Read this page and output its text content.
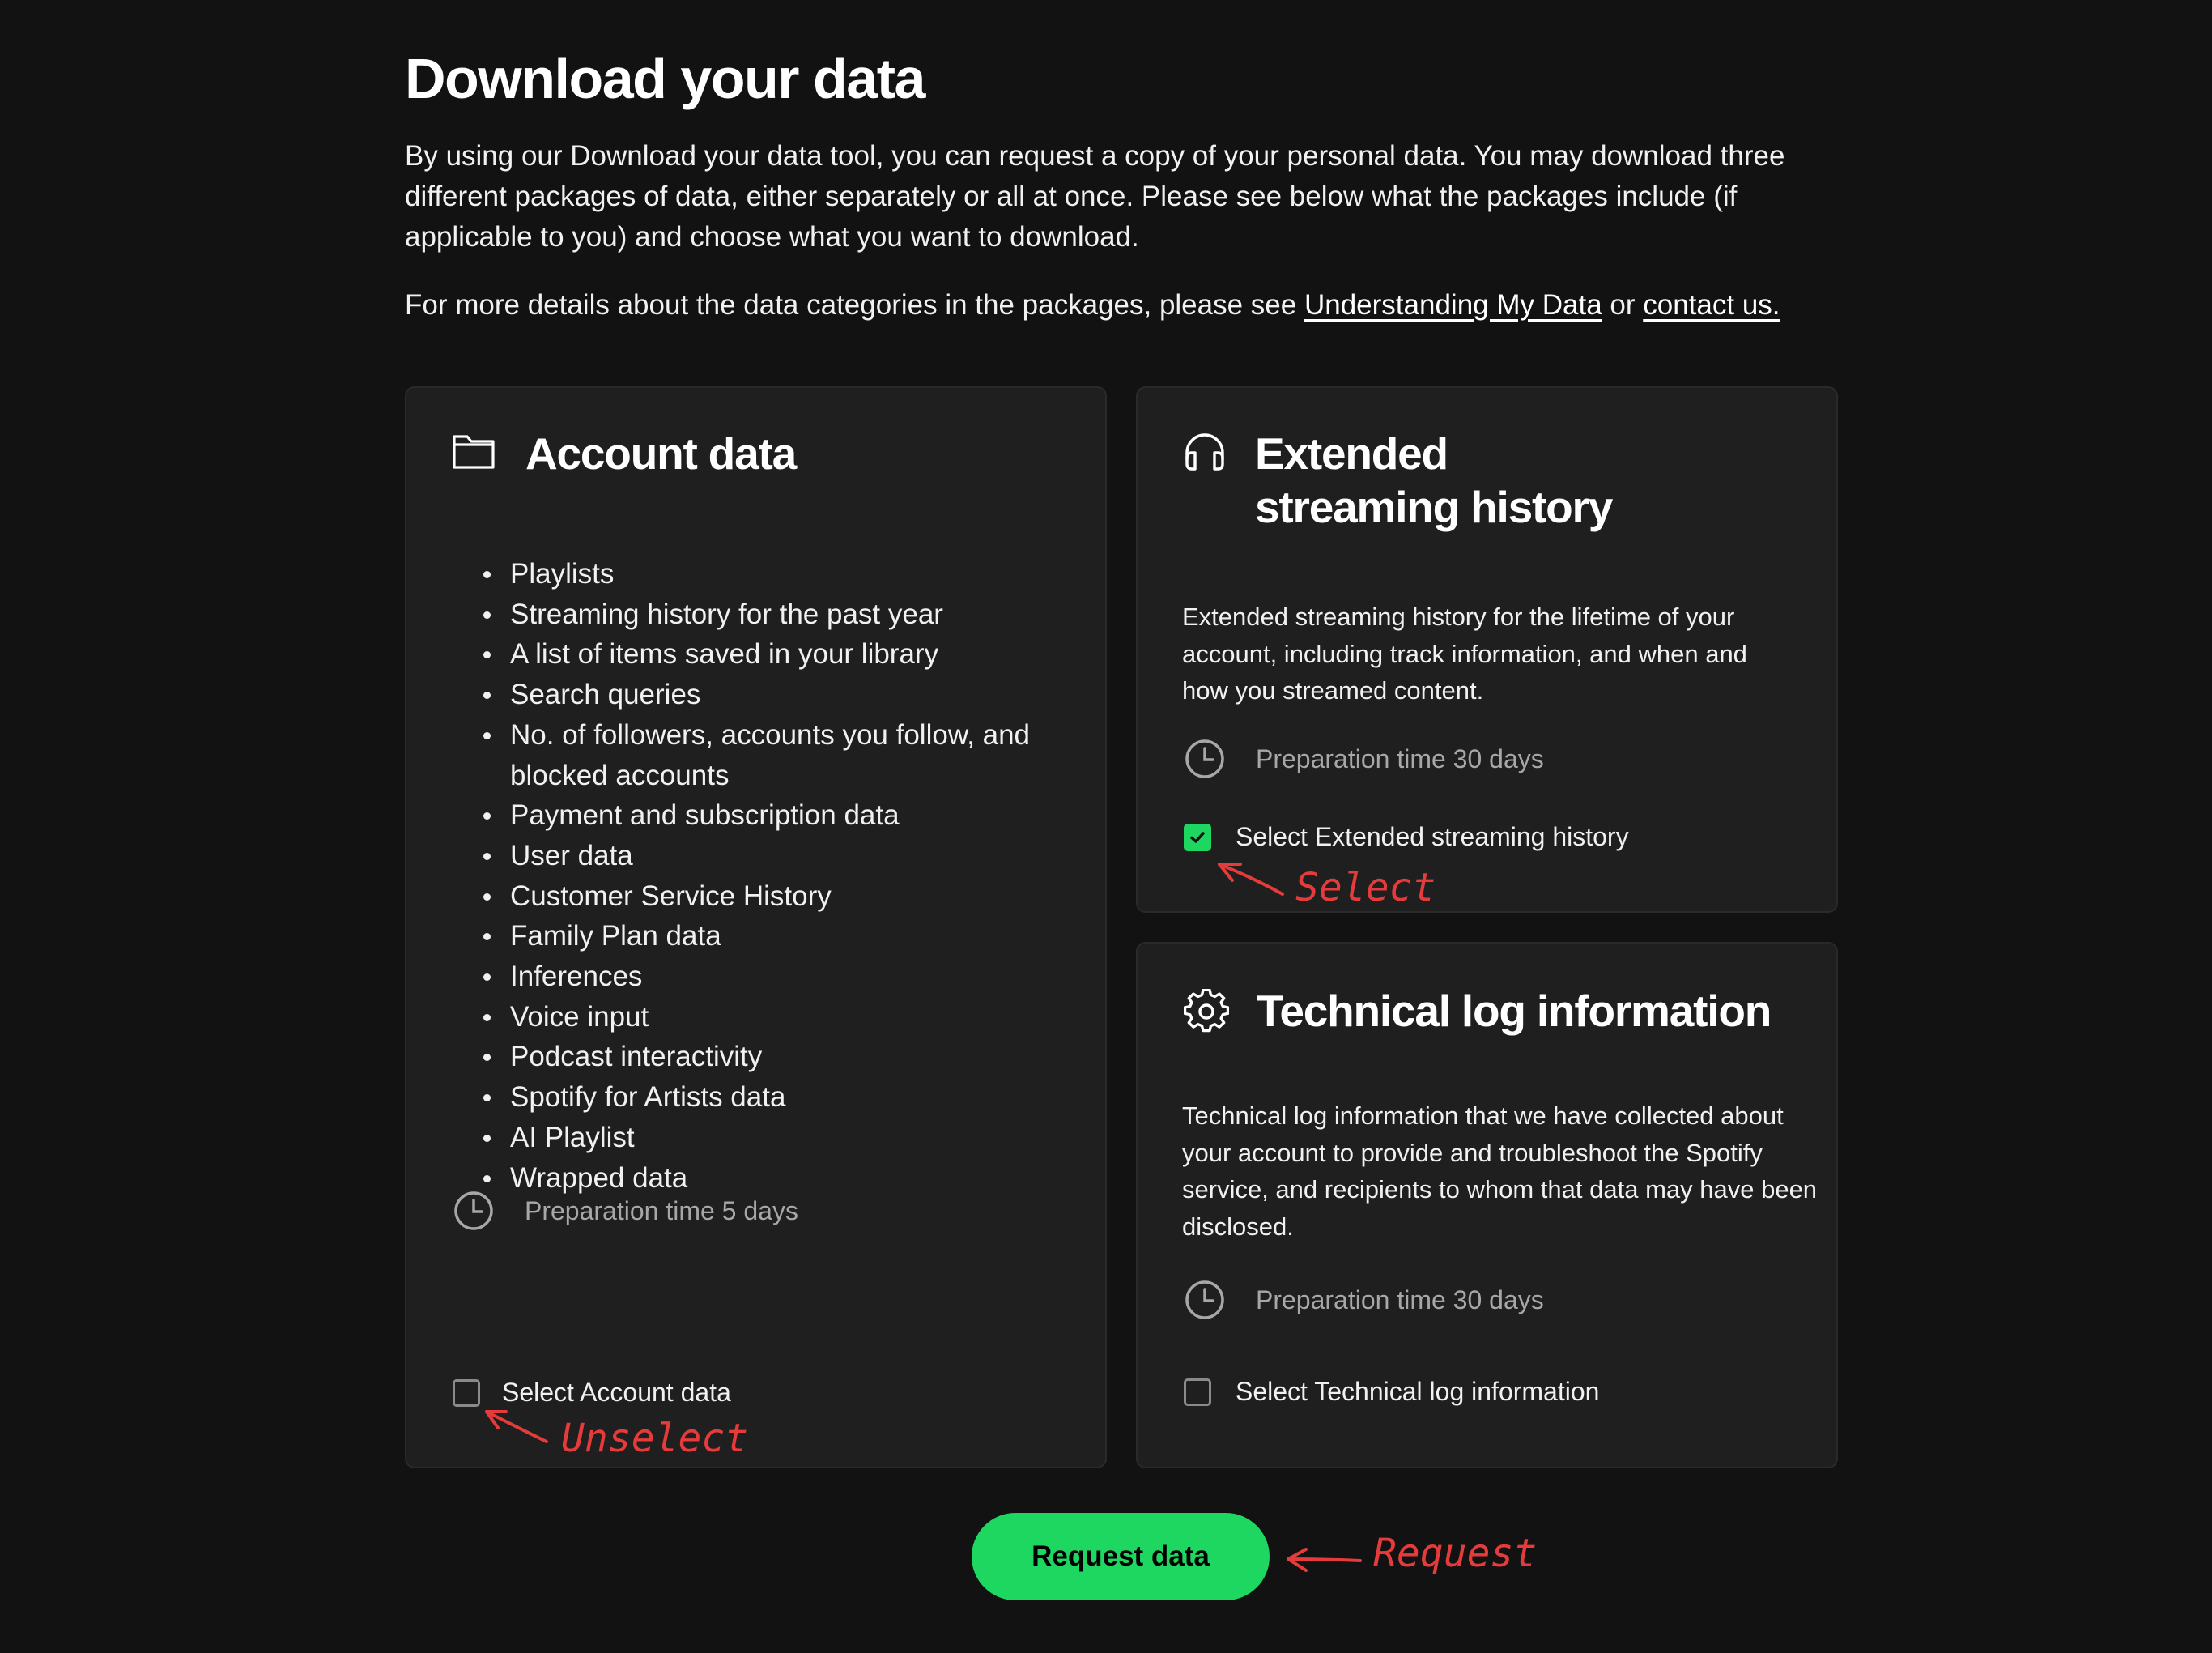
Download your data

By using our Download your data tool, you can request a copy of your personal data. You may download three different packages of data, either separately or all at once. Please see below what the packages include (if applicable to you) and choose what you want to download.

For more details about the data categories in the packages, please see Understanding My Data or contact us.

Account data
Playlists
Streaming history for the past year
A list of items saved in your library
Search queries
No. of followers, accounts you follow, and blocked accounts
Payment and subscription data
User data
Customer Service History
Family Plan data
Inferences
Voice input
Podcast interactivity
Spotify for Artists data
AI Playlist
Wrapped data
Preparation time 5 days
Select Account data
Extended
streaming history

Extended streaming history for the lifetime of your account, including track information, and when and how you streamed content.

Preparation time 30 days
Select Extended streaming history
Technical log information

Technical log information that we have collected about your account to provide and troubleshoot the Spotify service, and recipients to whom that data may have been disclosed.

Preparation time 30 days
Select Technical log information
Request data
Select
Unselect
Request
